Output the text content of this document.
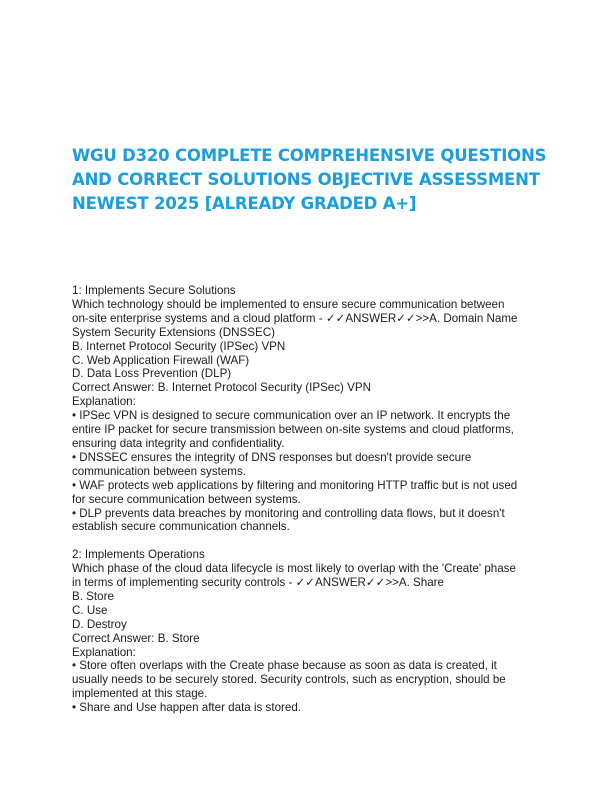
WGU D320 COMPLETE COMPREHENSIVE QUESTIONS
AND CORRECT SOLUTIONS OBJECTIVE ASSESSMENT
NEWEST 2025 [ALREADY GRADED A+]
1: Implements Secure Solutions
Which technology should be implemented to ensure secure communication between
on-site enterprise systems and a cloud platform - ✓✓ANSWER✓✓>>A. Domain Name
System Security Extensions (DNSSEC)
B. Internet Protocol Security (IPSec) VPN
C. Web Application Firewall (WAF)
D. Data Loss Prevention (DLP)
Correct Answer: B. Internet Protocol Security (IPSec) VPN
Explanation:
• IPSec VPN is designed to secure communication over an IP network. It encrypts the
entire IP packet for secure transmission between on-site systems and cloud platforms,
ensuring data integrity and confidentiality.
• DNSSEC ensures the integrity of DNS responses but doesn't provide secure
communication between systems.
• WAF protects web applications by filtering and monitoring HTTP traffic but is not used
for secure communication between systems.
• DLP prevents data breaches by monitoring and controlling data flows, but it doesn't
establish secure communication channels.
2: Implements Operations
Which phase of the cloud data lifecycle is most likely to overlap with the 'Create' phase
in terms of implementing security controls - ✓✓ANSWER✓✓>>A. Share
B. Store
C. Use
D. Destroy
Correct Answer: B. Store
Explanation:
• Store often overlaps with the Create phase because as soon as data is created, it
usually needs to be securely stored. Security controls, such as encryption, should be
implemented at this stage.
• Share and Use happen after data is stored.
